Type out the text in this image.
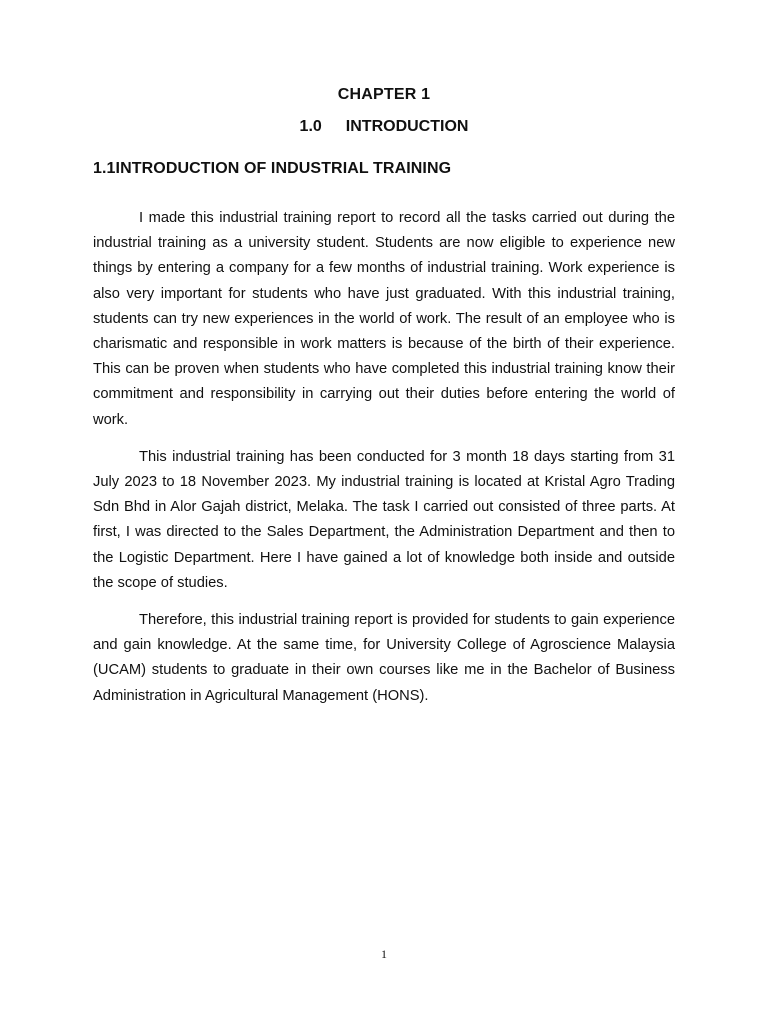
CHAPTER 1
1.0 INTRODUCTION
1.1INTRODUCTION OF INDUSTRIAL TRAINING

I made this industrial training report to record all the tasks carried out during the industrial training as a university student. Students are now eligible to experience new things by entering a company for a few months of industrial training. Work experience is also very important for students who have just graduated. With this industrial training, students can try new experiences in the world of work. The result of an employee who is charismatic and responsible in work matters is because of the birth of their experience. This can be proven when students who have completed this industrial training know their commitment and responsibility in carrying out their duties before entering the world of work.

This industrial training has been conducted for 3 month 18 days starting from 31 July 2023 to 18 November 2023. My industrial training is located at Kristal Agro Trading Sdn Bhd in Alor Gajah district, Melaka. The task I carried out consisted of three parts. At first, I was directed to the Sales Department, the Administration Department and then to the Logistic Department. Here I have gained a lot of knowledge both inside and outside the scope of studies.

Therefore, this industrial training report is provided for students to gain experience and gain knowledge. At the same time, for University College of Agroscience Malaysia (UCAM) students to graduate in their own courses like me in the Bachelor of Business Administration in Agricultural Management (HONS).

1
